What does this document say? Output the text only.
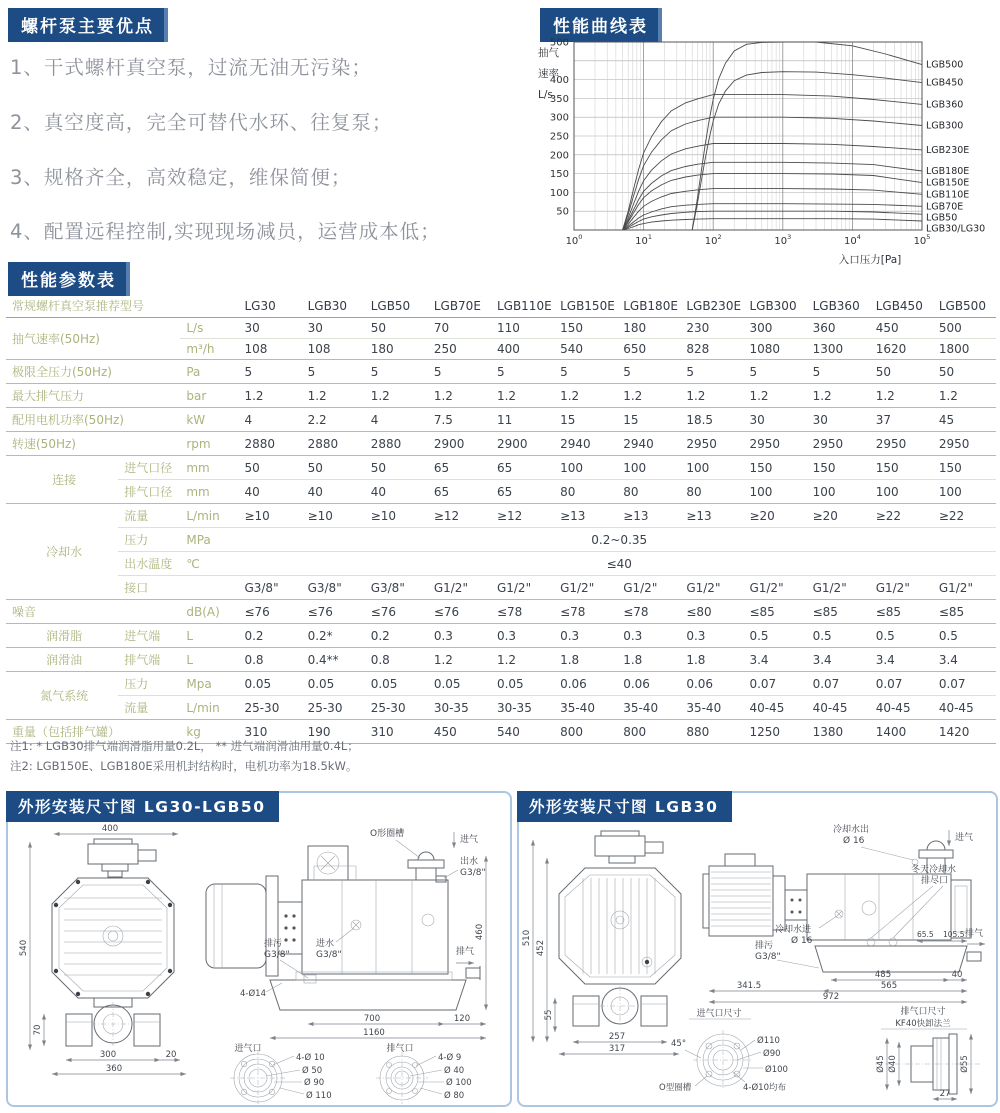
螺杆泵主要优点
1、干式螺杆真空泵，过流无油无污染；
2、真空度高，完全可替代水环、往复泵；
3、规格齐全，高效稳定，维保简便；
4、配置远程控制,实现现场减员，运营成本低；
性能曲线表
50
100
150
200
250
300
350
400
500
$10^0$	$10^1$	$10^2$	$10^3$	$10^4$	$10^5$
抽气
速率
L/s
入口压力[Pa]
LGB500
LGB450
LGB360
LGB300
LGB230E
LGB180E
LGB150E
LGB110E
LGB70E
LGB50
LGB30/LG30
性能参数表
常规螺杆真空泵推荐型号			LG30	LGB30	LGB50	LGB70E	LGB110E	LGB150E	LGB180E	LGB230E	LGB300	LGB360	LGB450	LGB500
抽气速率(50Hz)		L/s	30	30	50	70	110	150	180	230	300	360	450	500
		m³/h	108	108	180	250	400	540	650	828	1080	1300	1620	1800
极限全压力(50Hz)		Pa	5	5	5	5	5	5	5	5	5	5	50	50
最大排气压力		bar	1.2	1.2	1.2	1.2	1.2	1.2	1.2	1.2	1.2	1.2	1.2	1.2
配用电机功率(50Hz)		kW	4	2.2	4	7.5	11	15	15	18.5	30	30	37	45
转速(50Hz)		rpm	2880	2880	2880	2900	2900	2940	2940	2950	2950	2950	2950	2950
连接	进气口径	mm	50	50	50	65	65	100	100	100	150	150	150	150
	排气口径	mm	40	40	40	65	65	80	80	80	100	100	100	100
冷却水	流量	L/min	≥10	≥10	≥10	≥12	≥12	≥13	≥13	≥13	≥20	≥20	≥22	≥22
	压力	MPa	0.2~0.35											
	出水温度	℃	≤40											
	接口		G3/8"	G3/8"	G3/8"	G1/2"	G1/2"	G1/2"	G1/2"	G1/2"	G1/2"	G1/2"	G1/2"	G1/2"
噪音		dB(A)	≤76	≤76	≤76	≤76	≤78	≤78	≤78	≤80	≤85	≤85	≤85	≤85
润滑脂	进气端	L	0.2	0.2*	0.2	0.3	0.3	0.3	0.3	0.3	0.5	0.5	0.5	0.5
润滑油	排气端	L	0.8	0.4**	0.8	1.2	1.2	1.8	1.8	1.8	3.4	3.4	3.4	3.4
氮气系统	压力	Mpa	0.05	0.05	0.05	0.05	0.05	0.06	0.06	0.06	0.07	0.07	0.07	0.07
	流量	L/min	25-30	25-30	25-30	30-35	30-35	35-40	35-40	35-40	40-45	40-45	40-45	40-45
重量（包括排气罐）		kg	310	190	310	450	540	800	800	880	1250	1380	1400	1420
注1: * LGB30排气端润滑脂用量0.2L， ** 进气端润滑油用量0.4L；
注2: LGB150E、LGB180E采用机封结构时，电机功率为18.5kW。
外形安装尺寸图 LG30-LGB50
400
540
70
300	20
360
O形圈槽
进气
出水
G3/8"
进水
G3/8"
排污
G3/8"	排气
460
4-Ø14
700	120
1160
进气口
4-Ø 10
Ø 50
Ø 90
Ø 110
排气口
4-Ø 9
Ø 40
Ø 100
Ø 80
外形安装尺寸图 LGB30
510
452
55
257
317
冷却水出
Ø 16	进气
冬天冷却水
排尽口
冷却水进
Ø 16
排污
G3/8"
排气
65.5 105.5
485	40
565
341.5
972
进气口尺寸
45°	Ø110
Ø90
Ø100
O型圈槽	4-Ø10均布
排气口尺寸
KF40快卸法兰
Ø45 Ø40	Ø55
27
